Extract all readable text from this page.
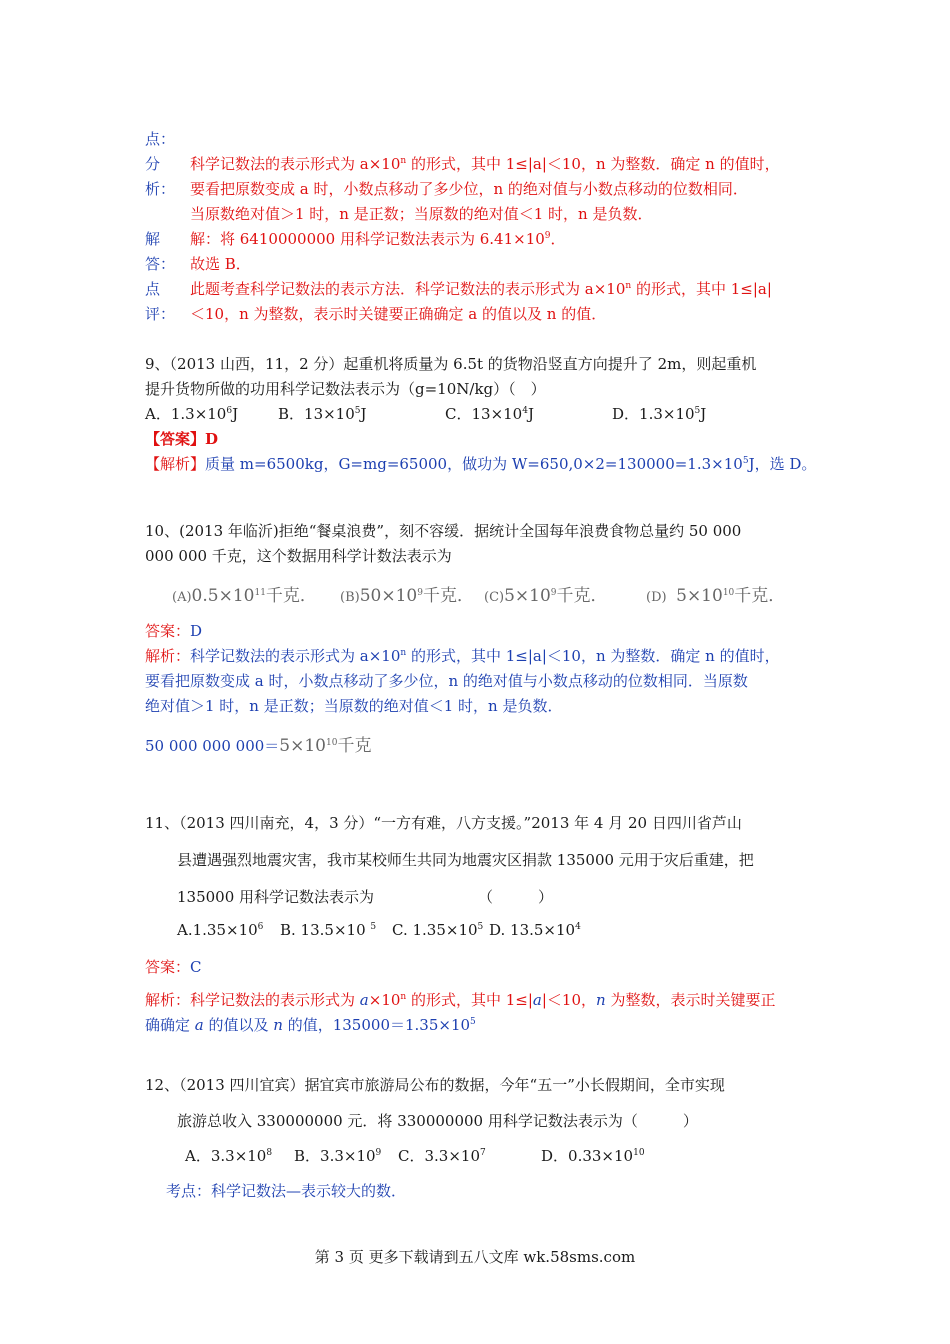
点：
分 科学记数法的表示形式为 $a\times 10^n$ 的形式，其中 1≤|a|＜10，n 为整数．确定 n 的值时，
析： 要看把原数变成 a 时，小数点移动了多少位，n 的绝对值与小数点移动的位数相同．
当原数绝对值＞1 时，n 是正数；当原数的绝对值＜1 时，n 是负数．
解 解：将 6410000000 用科学记数法表示为 $6.41\times 10^9$．
答： 故选 B．
点 此题考查科学记数法的表示方法．科学记数法的表示形式为 $a\times 10^n$ 的形式，其中 1≤|a|
评： ＜10，n 为整数，表示时关键要正确确定 a 的值以及 n 的值．
9、（2013 山西，11，2 分）起重机将质量为 6.5t 的货物沿竖直方向提升了 2m，则起重机
提升货物所做的功用科学记数法表示为（g=10N/kg）（　）
A．$1.3\times 10^6J$	B．$13\times 10^5J$	C．$13\times 10^4J$	D．$1.3\times 10^5J$
【答案】D
【解析】质量 m=6500kg，G=mg=65000，做功为 $W=650,0\times 2=130000=1.3\times 10^5J$，选 D。
10、(2013 年临沂)拒绝“餐桌浪费”，刻不容缓．据统计全国每年浪费食物总量约 50 000
000 000 千克，这个数据用科学计数法表示为
$(A)0.5\times 10^{11}$千克． $(B)50\times 10^9$千克． $(C)5\times 10^9$千克．	(D) $5\times 10^{10}$千克．
答案：D
解析：科学记数法的表示形式为 $a\times 10^n$ 的形式，其中 1≤|a|＜10，n 为整数．确定 n 的值时，
要看把原数变成 a 时，小数点移动了多少位，n 的绝对值与小数点移动的位数相同．当原数
绝对值＞1 时，n 是正数；当原数的绝对值＜1 时，n 是负数．
50 000 000 $000=5\times 10^{10}$千克
11、（2013 四川南充，4，3 分）“一方有难，八方支援。”2013 年 4 月 20 日四川省芦山
县遭遇强烈地震灾害，我市某校师生共同为地震灾区捐款 135000 元用于灾后重建，把
135000 用科学记数法表示为	（　　　）
$A.1.35\times 10^6$ B. 13.5×10 $^5$ C. $1.35\times 10^5$ D. $13.5\times 10^4$
答案：C
解析：科学记数法的表示形式为 $a\times 10^n$ 的形式，其中 1≤|a|＜10，n 为整数，表示时关键要正
确确定 a 的值以及 n 的值，$135000=1.35\times 10^5$
12、（2013 四川宜宾）据宜宾市旅游局公布的数据，今年“五一”小长假期间，全市实现
旅游总收入 330000000 元．将 330000000 用科学记数法表示为（　　　）
A．$3.3\times 10^8$ B．$3.3\times 10^9$ C．$3.3\times 10^7$	D．$0.33\times 10^{10}$
考点：科学记数法—表示较大的数．
第 3 页 更多下载请到五八文库 wk.58sms.com
